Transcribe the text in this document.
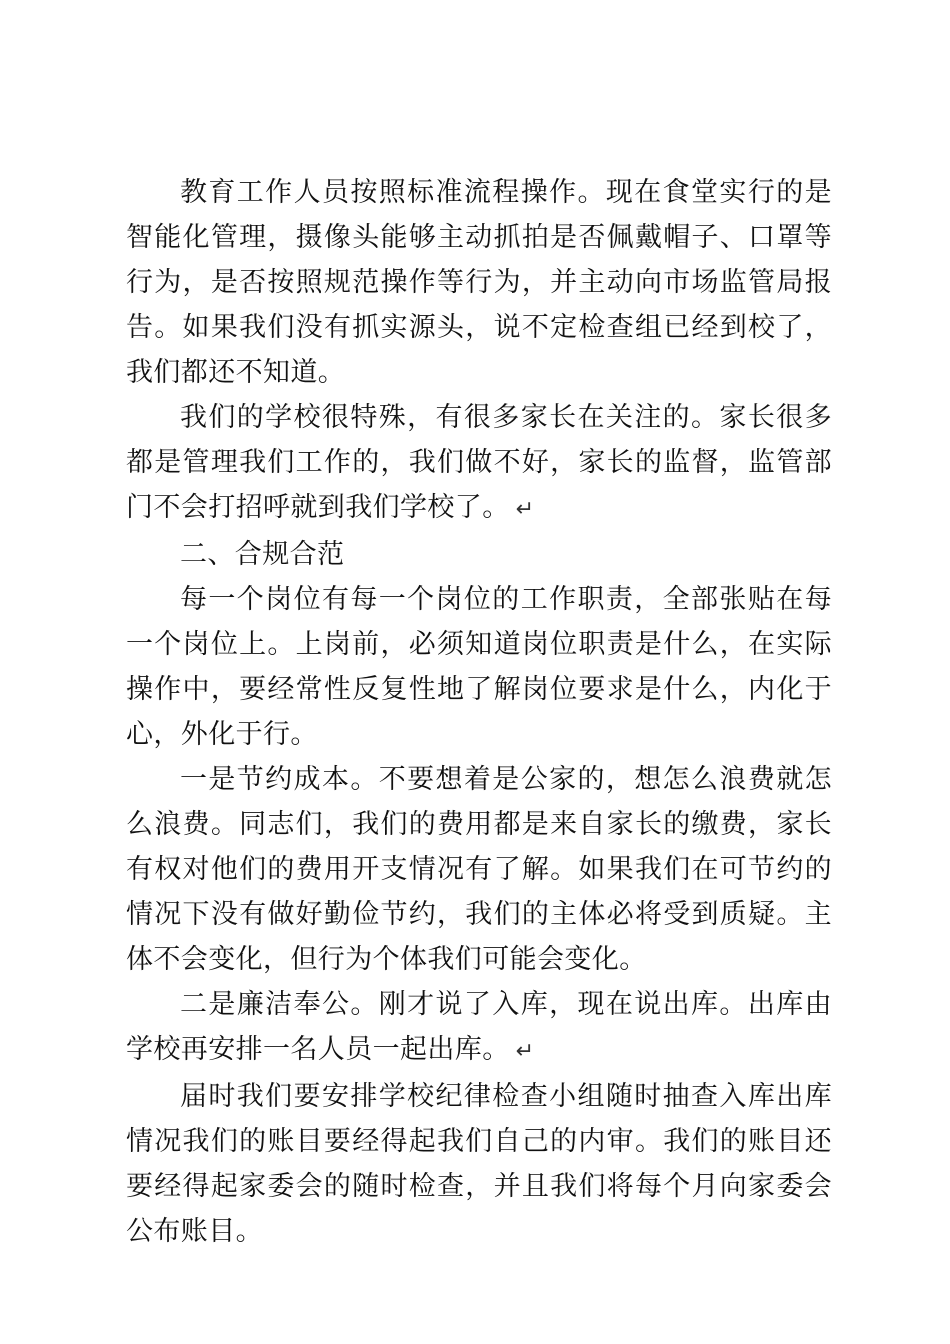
教育工作人员按照标准流程操作。现在食堂实行的是智能化管理，摄像头能够主动抓拍是否佩戴帽子、口罩等行为，是否按照规范操作等行为，并主动向市场监管局报告。如果我们没有抓实源头，说不定检查组已经到校了，我们都还不知道。

我们的学校很特殊，有很多家长在关注的。家长很多都是管理我们工作的，我们做不好，家长的监督，监管部门不会打招呼就到我们学校了。 ↵

二、合规合范

每一个岗位有每一个岗位的工作职责，全部张贴在每一个岗位上。上岗前，必须知道岗位职责是什么，在实际操作中，要经常性反复性地了解岗位要求是什么，内化于心，外化于行。

一是节约成本。不要想着是公家的，想怎么浪费就怎么浪费。同志们，我们的费用都是来自家长的缴费，家长有权对他们的费用开支情况有了解。如果我们在可节约的情况下没有做好勤俭节约，我们的主体必将受到质疑。主体不会变化，但行为个体我们可能会变化。

二是廉洁奉公。刚才说了入库，现在说出库。出库由学校再安排一名人员一起出库。 ↵

届时我们要安排学校纪律检查小组随时抽查入库出库情况我们的账目要经得起我们自己的内审。我们的账目还要经得起家委会的随时检查，并且我们将每个月向家委会公布账目。
